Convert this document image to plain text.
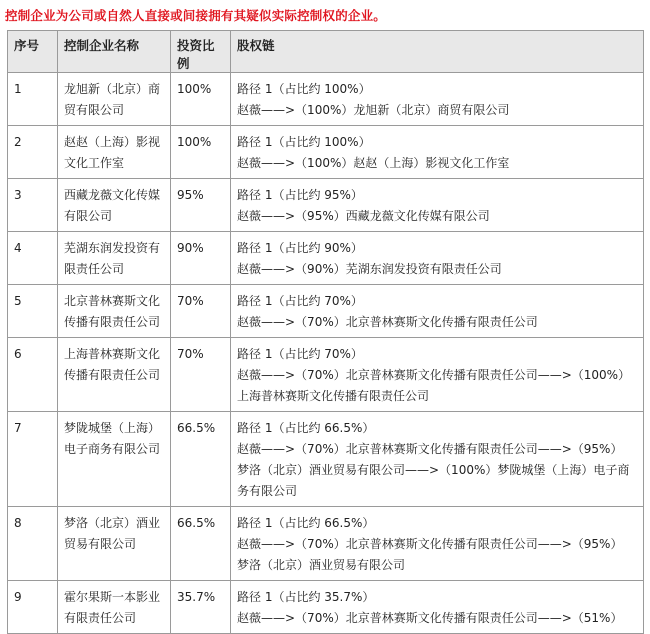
控制企业为公司或自然人直接或间接拥有其疑似实际控制权的企业。
序号	控制企业名称	投资比例	股权链
1	龙旭新（北京）商贸有限公司	100%	路径 1（占比约 100%）
赵薇——>（100%）龙旭新（北京）商贸有限公司

2	赵赵（上海）影视文化工作室	100%	路径 1（占比约 100%）
赵薇——>（100%）赵赵（上海）影视文化工作室

3	西藏龙薇文化传媒有限公司	95%	路径 1（占比约 95%）
赵薇——>（95%）西藏龙薇文化传媒有限公司

4	芜湖东润发投资有限责任公司	90%	路径 1（占比约 90%）
赵薇——>（90%）芜湖东润发投资有限责任公司

5	北京普林赛斯文化传播有限责任公司	70%	路径 1（占比约 70%）
赵薇——>（70%）北京普林赛斯文化传播有限责任公司

6	上海普林赛斯文化传播有限责任公司	70%	路径 1（占比约 70%）
赵薇——>（70%）北京普林赛斯文化传播有限责任公司——>（100%）
上海普林赛斯文化传播有限责任公司

7	梦陇城堡（上海）电子商务有限公司	66.5%	路径 1（占比约 66.5%）
赵薇——>（70%）北京普林赛斯文化传播有限责任公司——>（95%）
梦洛（北京）酒业贸易有限公司——>（100%）梦陇城堡（上海）电子商
务有限公司

8	梦洛（北京）酒业贸易有限公司	66.5%	路径 1（占比约 66.5%）
赵薇——>（70%）北京普林赛斯文化传播有限责任公司——>（95%）
梦洛（北京）酒业贸易有限公司

9	霍尔果斯一本影业有限责任公司	35.7%	路径 1（占比约 35.7%）
赵薇——>（70%）北京普林赛斯文化传播有限责任公司——>（51%）
